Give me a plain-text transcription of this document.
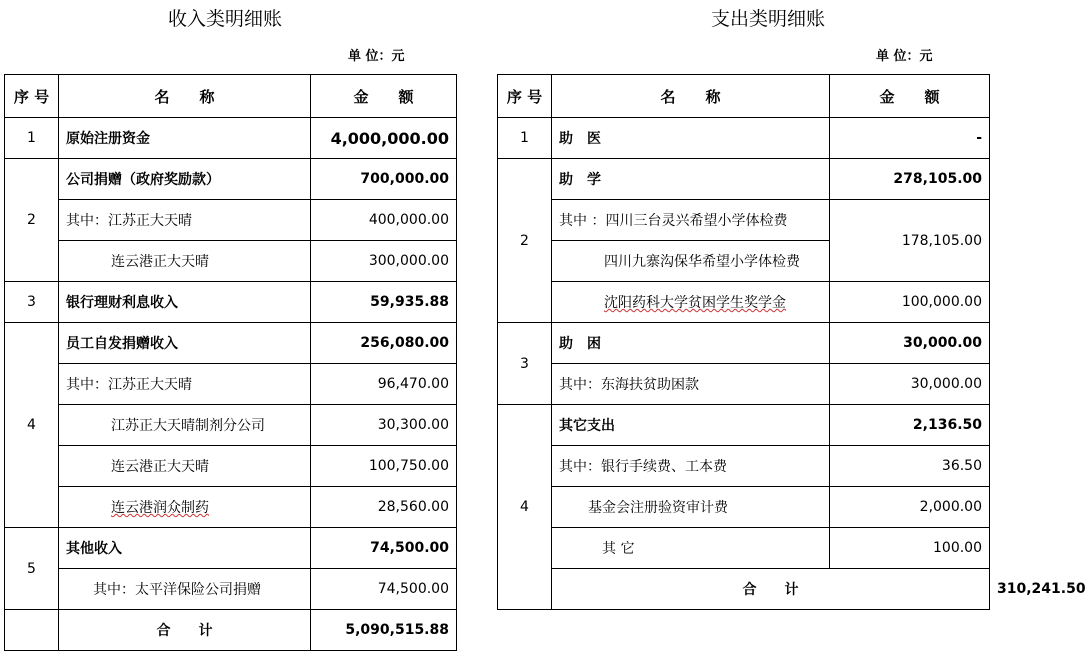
收入类明细账	支出类明细账
单 位：元	单 位：元
序 号	名　　称	金　　额
1	原始注册资金	4,000,000.00
2	公司捐赠（政府奖励款）	700,000.00
	其中：江苏正大天晴	400,000.00
	连云港正大天晴	300,000.00
3	银行理财利息收入	59,935.88
4	员工自发捐赠收入	256,080.00
	其中：江苏正大天晴	96,470.00
	江苏正大天晴制剂分公司	30,300.00
	连云港正大天晴	100,750.00
	连云港润众制药	28,560.00
5	其他收入	74,500.00
	其中：太平洋保险公司捐赠	74,500.00
	合　　计	5,090,515.88
序 号	名　　称	金　　额	
1	助　医	-	
2	助　学	278,105.00	
	其中 ：四川三台灵兴希望小学体检费	178,105.00	
	四川九寨沟保华希望小学体检费		
	沈阳药科大学贫困学生奖学金	100,000.00	
3	助　困	30,000.00	
	其中：东海扶贫助困款	30,000.00	
4	其它支出	2,136.50	
	其中：银行手续费、工本费	36.50	
	基金会注册验资审计费	2,000.00	
	其 它	100.00	
	合　　计		310,241.50
